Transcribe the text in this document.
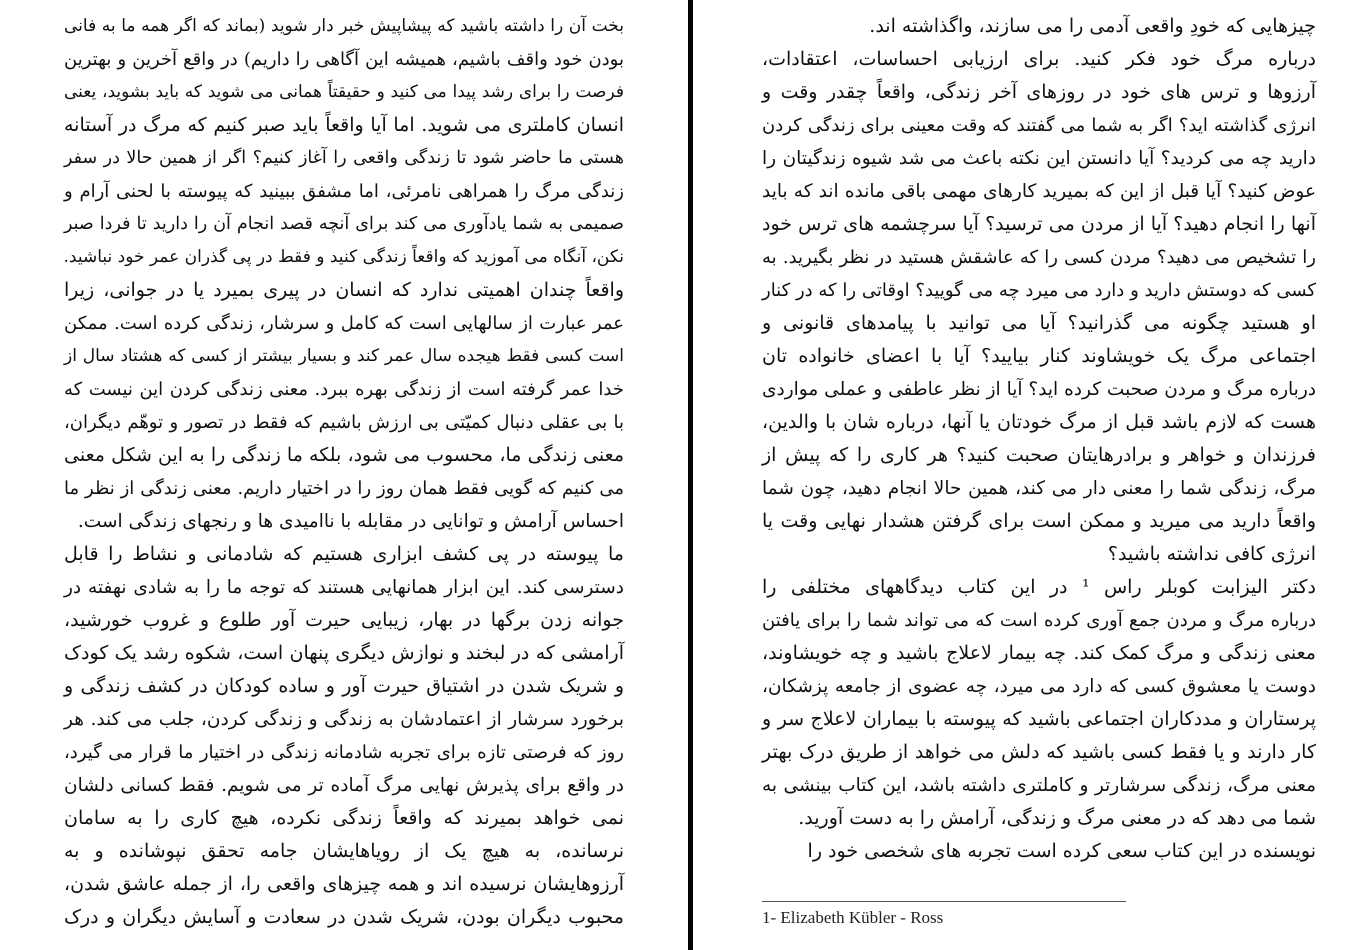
بخت آن را داشته باشید که پیشاپیش خبر دار شوید (بماند که اگر همه ما به فانی
بودن خود واقف باشیم، همیشه این آگاهی را داریم) در واقع آخرین و بهترین
فرصت را برای رشد پیدا می کنید و حقیقتاً همانی می شوید که باید بشوید، یعنی
انسان کاملتری می شوید. اما آیا واقعاً باید صبر کنیم که مرگ در آستانه
هستی ما حاضر شود تا زندگی واقعی را آغاز کنیم؟ اگر از همین حالا در سفر
زندگی مرگ را همراهی نامرئی، اما مشفق ببینید که پیوسته با لحنی آرام و
صمیمی به شما یادآوری می کند برای آنچه قصد انجام آن را دارید تا فردا صبر
نکن، آنگاه می آموزید که واقعاً زندگی کنید و فقط در پی گذران عمر خود نباشید.
واقعاً چندان اهمیتی ندارد که انسان در پیری بمیرد یا در جوانی، زیرا
عمر عبارت از سالهایی است که کامل و سرشار، زندگی کرده است. ممکن
است کسی فقط هیجده سال عمر کند و بسیار بیشتر از کسی که هشتاد سال از
خدا عمر گرفته است از زندگی بهره ببرد. معنی زندگی کردن این نیست که
با بی عقلی دنبال کمیّتی بی ارزش باشیم که فقط در تصور و توهّم دیگران،
معنی زندگی ما، محسوب می شود، بلکه ما زندگی را به این شکل معنی
می کنیم که گویی فقط همان روز را در اختیار داریم. معنی زندگی از نظر ما
احساس آرامش و توانایی در مقابله با ناامیدی ها و رنجهای زندگی است.
ما پیوسته در پی کشف ابزاری هستیم که شادمانی و نشاط را قابل
دسترسی کند. این ابزار همانهایی هستند که توجه ما را به شادی نهفته در
جوانه زدن برگها در بهار، زیبایی حیرت آور طلوع و غروب خورشید،
آرامشی که در لبخند و نوازش دیگری پنهان است، شکوه رشد یک کودک
و شریک شدن در اشتیاق حیرت آور و ساده کودکان در کشف زندگی و
برخورد سرشار از اعتمادشان به زندگی و زندگی کردن، جلب می کند. هر
روز که فرصتی تازه برای تجربه شادمانه زندگی در اختیار ما قرار می گیرد،
در واقع برای پذیرش نهایی مرگ آماده تر می شویم. فقط کسانی دلشان
نمی خواهد بمیرند که واقعاً زندگی نکرده، هیچ کاری را به سامان
نرسانده، به هیچ یک از رویاهایشان جامه تحقق نپوشانده و به
آرزوهایشان نرسیده اند و همه چیزهای واقعی را، از جمله عاشق شدن،
محبوب دیگران بودن، شریک شدن در سعادت و آسایش دیگران و درک
چیزهایی که خودِ واقعی آدمی را می سازند، واگذاشته اند.
درباره مرگ خود فکر کنید. برای ارزیابی احساسات، اعتقادات،
آرزوها و ترس های خود در روزهای آخر زندگی، واقعاً چقدر وقت و
انرژی گذاشته اید؟ اگر به شما می گفتند که وقت معینی برای زندگی کردن
دارید چه می کردید؟ آیا دانستن این نکته باعث می شد شیوه زندگیتان را
عوض کنید؟ آیا قبل از این که بمیرید کارهای مهمی باقی مانده اند که باید
آنها را انجام دهید؟ آیا از مردن می ترسید؟ آیا سرچشمه های ترس خود
را تشخیص می دهید؟ مردن کسی را که عاشقش هستید در نظر بگیرید. به
کسی که دوستش دارید و دارد می میرد چه می گویید؟ اوقاتی را که در کنار
او هستید چگونه می گذرانید؟ آیا می توانید با پیامدهای قانونی و
اجتماعی مرگ یک خویشاوند کنار بیایید؟ آیا با اعضای خانواده تان
درباره مرگ و مردن صحبت کرده اید؟ آیا از نظر عاطفی و عملی مواردی
هست که لازم باشد قبل از مرگ خودتان یا آنها، درباره شان با والدین،
فرزندان و خواهر و برادرهایتان صحبت کنید؟ هر کاری را که پیش از
مرگ، زندگی شما را معنی دار می کند، همین حالا انجام دهید، چون شما
واقعاً دارید می میرید و ممکن است برای گرفتن هشدار نهایی وقت یا
انرژی کافی نداشته باشید؟
دکتر الیزابت کوبلر راس ¹ در این کتاب دیدگاههای مختلفی را
درباره مرگ و مردن جمع آوری کرده است که می تواند شما را برای یافتن
معنی زندگی و مرگ کمک کند. چه بیمار لاعلاج باشید و چه خویشاوند،
دوست یا معشوق کسی که دارد می میرد، چه عضوی از جامعه پزشکان،
پرستاران و مددکاران اجتماعی باشید که پیوسته با بیماران لاعلاج سر و
کار دارند و یا فقط کسی باشید که دلش می خواهد از طریق درک بهتر
معنی مرگ، زندگی سرشارتر و کاملتری داشته باشد، این کتاب بینشی به
شما می دهد که در معنی مرگ و زندگی، آرامش را به دست آورید.
نویسنده در این کتاب سعی کرده است تجربه های شخصی خود را
1- Elizabeth Kübler - Ross
